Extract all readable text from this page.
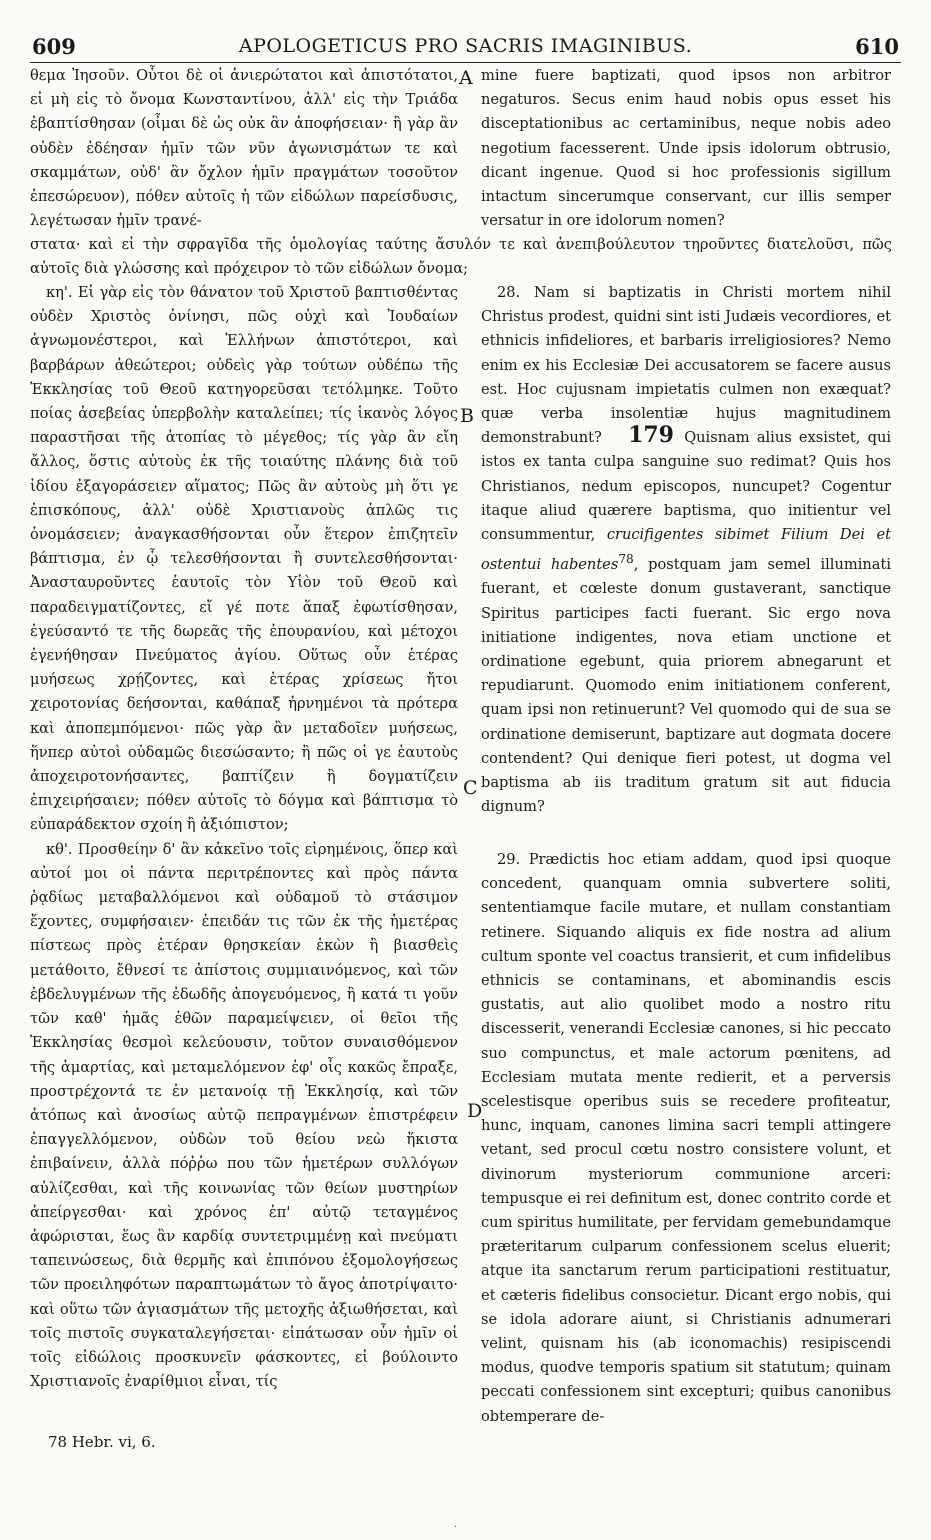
609	APOLOGETICUS PRO SACRIS IMAGINIBUS.	610

θεμα Ἰησοῦν. Οὗτοι δὲ οἱ ἀνιερώτατοι καὶ ἀπιστότατοι, εἰ μὴ εἰς τὸ ὄνομα Κωνσταντίνου, ἀλλ' εἰς τὴν Τριάδα ἐβαπτίσθησαν (οἶμαι δὲ ὡς οὐκ ἂν ἀποφήσειαν· ἢ γὰρ ἂν οὐδὲν ἐδέησαν ἡμῖν τῶν νῦν ἀγωνισμάτων τε καὶ σκαμμάτων, οὐδ' ἂν ὄχλον ἡμῖν πραγμάτων τοσοῦτον ἐπεσώρευον), πόθεν αὐτοῖς ἡ τῶν εἰδώλων παρείσδυσις, λεγέτωσαν ἡμῖν τρανέ-

mine fuere baptizati, quod ipsos non arbitror negaturos. Secus enim haud nobis opus esset his disceptationibus ac certaminibus, neque nobis adeo negotium facesserent. Unde ipsis idolorum obtrusio, dicant ingenue. Quod si hoc professionis sigillum intactum sincerumque conservant, cur illis semper versatur in ore idolorum nomen?

στατα· καὶ εἰ τὴν σφραγῖδα τῆς ὁμολογίας ταύτης ἄσυλόν τε καὶ ἀνεπιβούλευτον τηροῦντες διατελοῦσι, πῶς αὐτοῖς διὰ γλώσσης καὶ πρόχειρον τὸ τῶν εἰδώλων ὄνομα;

κη'. Εἰ γὰρ εἰς τὸν θάνατον τοῦ Χριστοῦ βαπτισθέντας οὐδὲν Χριστὸς ὀνίνησι, πῶς οὐχὶ καὶ Ἰουδαίων ἀγνωμονέστεροι, καὶ Ἑλλήνων ἀπιστότεροι, καὶ βαρβάρων ἀθεώτεροι; οὐδεὶς γὰρ τούτων οὐδέπω τῆς Ἐκκλησίας τοῦ Θεοῦ κατηγορεῦσαι τετόλμηκε. Τοῦτο ποίας ἀσεβείας ὑπερβολὴν καταλείπει; τίς ἱκανὸς λόγος παραστῆσαι τῆς ἀτοπίας τὸ μέγεθος; τίς γὰρ ἂν εἴη ἄλλος, ὅστις αὐτοὺς ἐκ τῆς τοιαύτης πλάνης διὰ τοῦ ἰδίου ἐξαγοράσειεν αἵματος; Πῶς ἂν αὐτοὺς μὴ ὅτι γε ἐπισκόπους, ἀλλ' οὐδὲ Χριστιανοὺς ἁπλῶς τις ὀνομάσειεν; ἀναγκασθήσονται οὖν ἕτερον ἐπιζητεῖν βάπτισμα, ἐν ᾧ τελεσθήσονται ἢ συντελεσθήσονται· Ἀνασταυροῦντες ἑαυτοῖς τὸν Υἱὸν τοῦ Θεοῦ καὶ παραδειγματίζοντες, εἴ γέ ποτε ἅπαξ ἐφωτίσθησαν, ἐγεύσαντό τε τῆς δωρεᾶς τῆς ἐπουρανίου, καὶ μέτοχοι ἐγενήθησαν Πνεύματος ἁγίου. Οὕτως οὖν ἑτέρας μυήσεως χρῄζοντες, καὶ ἑτέρας χρίσεως ἤτοι χειροτονίας δεήσονται, καθάπαξ ἠρνημένοι τὰ πρότερα καὶ ἀποπεμπόμενοι· πῶς γὰρ ἂν μεταδοῖεν μυήσεως, ἥνπερ αὐτοὶ οὐδαμῶς διεσώσαντο; ἢ πῶς οἱ γε ἑαυτοὺς ἀποχειροτονήσαντες, βαπτίζειν ἢ δογματίζειν ἐπιχειρήσαιεν; πόθεν αὐτοῖς τὸ δόγμα καὶ βάπτισμα τὸ εὐπαράδεκτον σχοίη ἢ ἀξιόπιστον;

κθ'. Προσθείην δ' ἂν κἀκεῖνο τοῖς εἰρημένοις, ὅπερ καὶ αὐτοί μοι οἱ πάντα περιτρέποντες καὶ πρὸς πάντα ῥᾳδίως μεταβαλλόμενοι καὶ οὐδαμοῦ τὸ στάσιμον ἔχοντες, συμφήσαιεν· ἐπειδάν τις τῶν ἐκ τῆς ἡμετέρας πίστεως πρὸς ἑτέραν θρησκείαν ἑκὼν ἢ βιασθεὶς μετάθοιτο, ἔθνεσί τε ἀπίστοις συμμιαινόμενος, καὶ τῶν ἐβδελυγμένων τῆς ἐδωδῆς ἀπογευόμενος, ἢ κατά τι γοῦν τῶν καθ' ἡμᾶς ἐθῶν παραμείψειεν, οἱ θεῖοι τῆς Ἐκκλησίας θεσμοὶ κελεύουσιν, τοῦτον συναισθόμενον τῆς ἁμαρτίας, καὶ μεταμελόμενον ἐφ' οἷς κακῶς ἔπραξε, προστρέχοντά τε ἐν μετανοίᾳ τῇ Ἐκκλησίᾳ, καὶ τῶν ἀτόπως καὶ ἀνοσίως αὐτῷ πεπραγμένων ἐπιστρέφειν ἐπαγγελλόμενον, οὐδὼν τοῦ θείου νεὼ ἥκιστα ἐπιβαίνειν, ἀλλὰ πόῤῥω που τῶν ἡμετέρων συλλόγων αὐλίζεσθαι, καὶ τῆς κοινωνίας τῶν θείων μυστηρίων ἀπείργεσθαι· καὶ χρόνος ἐπ' αὐτῷ τεταγμένος ἀφώρισται, ἕως ἂν καρδίᾳ συντετριμμένῃ καὶ πνεύματι ταπεινώσεως, διὰ θερμῆς καὶ ἐπιπόνου ἐξομολογήσεως τῶν προειληφότων παραπτωμάτων τὸ ἄγος ἀποτρίψαιτο· καὶ οὕτω τῶν ἁγιασμάτων τῆς μετοχῆς ἀξιωθήσεται, καὶ τοῖς πιστοῖς συγκαταλεγήσεται· εἰπάτωσαν οὖν ἡμῖν οἱ τοῖς εἰδώλοις προσκυνεῖν φάσκοντες, εἰ βούλοιντο Χριστιανοῖς ἐναρίθμιοι εἶναι, τίς

28. Nam si baptizatis in Christi mortem nihil Christus prodest, quidni sint isti Judæis vecordiores, et ethnicis infideliores, et barbaris irreligiosiores? Nemo enim ex his Ecclesiæ Dei accusatorem se facere ausus est. Hoc cujusnam impietatis culmen non exæquat? quæ verba insolentiæ hujus magnitudinem demonstrabunt? 179 Quisnam alius exsistet, qui istos ex tanta culpa sanguine suo redimat? Quis hos Christianos, nedum episcopos, nuncupet? Cogentur itaque aliud quærere baptisma, quo initientur vel consummentur, crucifigentes sibimet Filium Dei et ostentui habentes$^{78}$, postquam jam semel illuminati fuerant, et cœleste donum gustaverant, sanctique Spiritus participes facti fuerant. Sic ergo nova initiatione indigentes, nova etiam unctione et ordinatione egebunt, quia priorem abnegarunt et repudiarunt. Quomodo enim initiationem conferent, quam ipsi non retinuerunt? Vel quomodo qui de sua se ordinatione demiserunt, baptizare aut dogmata docere contendent? Qui denique fieri potest, ut dogma vel baptisma ab iis traditum gratum sit aut fiducia dignum?

29. Prædictis hoc etiam addam, quod ipsi quoque concedent, quanquam omnia subvertere soliti, sententiamque facile mutare, et nullam constantiam retinere. Siquando aliquis ex fide nostra ad alium cultum sponte vel coactus transierit, et cum infidelibus ethnicis se contaminans, et abominandis escis gustatis, aut alio quolibet modo a nostro ritu discesserit, venerandi Ecclesiæ canones, si hic peccato suo compunctus, et male actorum pœnitens, ad Ecclesiam mutata mente redierit, et a perversis scelestisque operibus suis se recedere profiteatur, hunc, inquam, canones limina sacri templi attingere vetant, sed procul cœtu nostro consistere volunt, et divinorum mysteriorum communione arceri: tempusque ei rei definitum est, donec contrito corde et cum spiritus humilitate, per fervidam gemebundamque præteritarum culparum confessionem scelus eluerit; atque ita sanctarum rerum participationi restituatur, et cæteris fidelibus consocietur. Dicant ergo nobis, qui se idola adorare aiunt, si Christianis adnumerari velint, quisnam his (ab iconomachis) resipiscendi modus, quodve temporis spatium sit statutum; quinam peccati confessionem sint excepturi; quibus canonibus obtemperare de-

A
B
C
D
78 Hebr. vi, 6.
·
